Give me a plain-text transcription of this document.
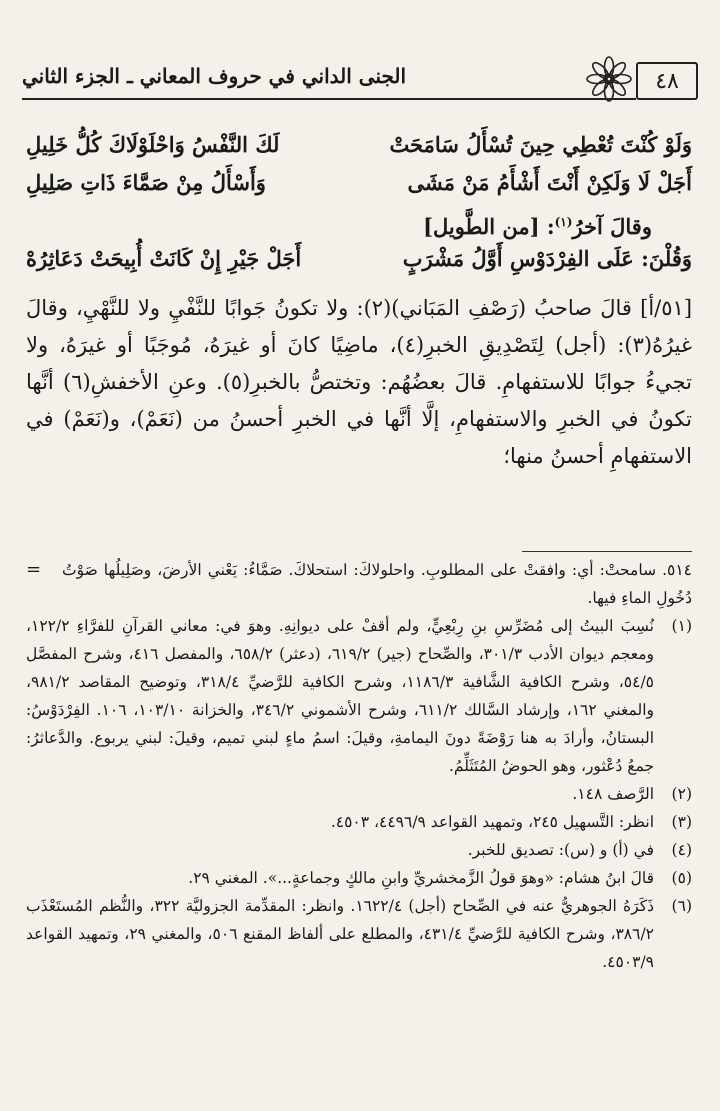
٤٨
الجنى الداني في حروف المعاني ـ الجزء الثاني
وَلَوْ كُنْتَ تُعْطِي حِينَ تُسْأَلُ سَامَحَتْ
لَكَ النَّفْسُ وَاحْلَوْلَاكَ كُلُّ خَلِيلِ
أَجَلْ لَا وَلَكِنْ أَنْتَ أَشْأَمُ مَنْ مَشَى
وَأَسْأَلُ مِنْ صَمَّاءَ ذَاتِ صَلِيلِ
وقالَ آخرُ$^{(١)}$: [من الطَّويل]
وَقُلْنَ: عَلَى الفِرْدَوْسِ أَوَّلُ مَشْرَبٍ
أَجَلْ جَيْرِ إِنْ كَانَتْ أُبِيحَتْ دَعَاثِرُهْ

[٥١/أ] قالَ صاحبُ (رَصْفِ المَبَاني)(٢): ولا تكونُ جَوابًا للنَّفْيِ ولا للنَّهْيِ، وقالَ غيرُهُ(٣): (أجل) لِتَصْدِيقِ الخبرِ(٤)، ماضِيًا كانَ أو غيرَهُ، مُوجَبًا أو غيرَهُ، ولا تجيءُ جوابًا للاستفهامِ. قالَ بعضُهُم: وتختصُّ بالخبرِ(٥). وعنِ الأخفشِ(٦) أنَّها تكونُ في الخبرِ والاستفهامِ، إلَّا أنَّها في الخبرِ أحسنُ من (نَعَمْ)، و(نَعَمْ) في الاستفهامِ أحسنُ منها؛

= ٥١٤. سامحتْ: أي: وافقتْ على المطلوبِ. واحلولاكَ: استحلاكَ. صَمَّاءُ: يَعْني الأرضَ، وصَلِيلُها صَوْتُ دُخُولِ الماءِ فيها.
(١)
نُسِبَ البيتُ إلى مُضَرِّسِ بنِ رِبْعِيٍّ، ولم أقفْ على ديوانِهِ. وهوَ في: معاني القرآنِ للفرَّاءِ ١٢٢/٢، ومعجم ديوان الأدب ٣٠١/٣، والصِّحاح (جير) ٦١٩/٢، (دعثر) ٦٥٨/٢، والمفصل ٤١٦، وشرح المفصَّل ٥٤/٥، وشرح الكافية الشَّافية ١١٨٦/٣، وشرح الكافية للرَّضيِّ ٣١٨/٤، وتوضيح المقاصد ٩٨١/٢، والمغني ١٦٢، وإرشاد السَّالك ٦١١/٢، وشرح الأشموني ٣٤٦/٢، والخزانة ١٠٣/١٠، ١٠٦. الفِرْدَوْسُ: البستانُ، وأرادَ به هنا رَوْضَةً دونَ اليمامةِ، وقيلَ: اسمُ ماءٍ لبني تميم، وقيلَ: لبني يربوع. والدَّعاثرُ: جمعُ دُعْثور، وهو الحوضُ المُتَثَلِّمُ.
(٢)
الرَّصف ١٤٨.
(٣)
انظر: التَّسهيل ٢٤٥، وتمهيد القواعد ٤٤٩٦/٩، ٤٥٠٣.
(٤)
في (أ) و (س): تصديق للخبر.
(٥)
قالَ ابنُ هشام: «وهوَ قولُ الزَّمخشريِّ وابنِ مالكٍ وجماعةٍ...». المغني ٢٩.
(٦)
ذَكَرَهُ الجوهريُّ عنه في الصِّحاح (أجل) ١٦٢٢/٤. وانظر: المقدِّمة الجزوليَّة ٣٢٢، والنُّظم المُستَعْذَب ٣٨٦/٢، وشرح الكافية للرَّضيِّ ٤٣١/٤، والمطلع على ألفاظ المقنع ٥٠٦، والمغني ٢٩، وتمهيد القواعد ٤٥٠٣/٩.
